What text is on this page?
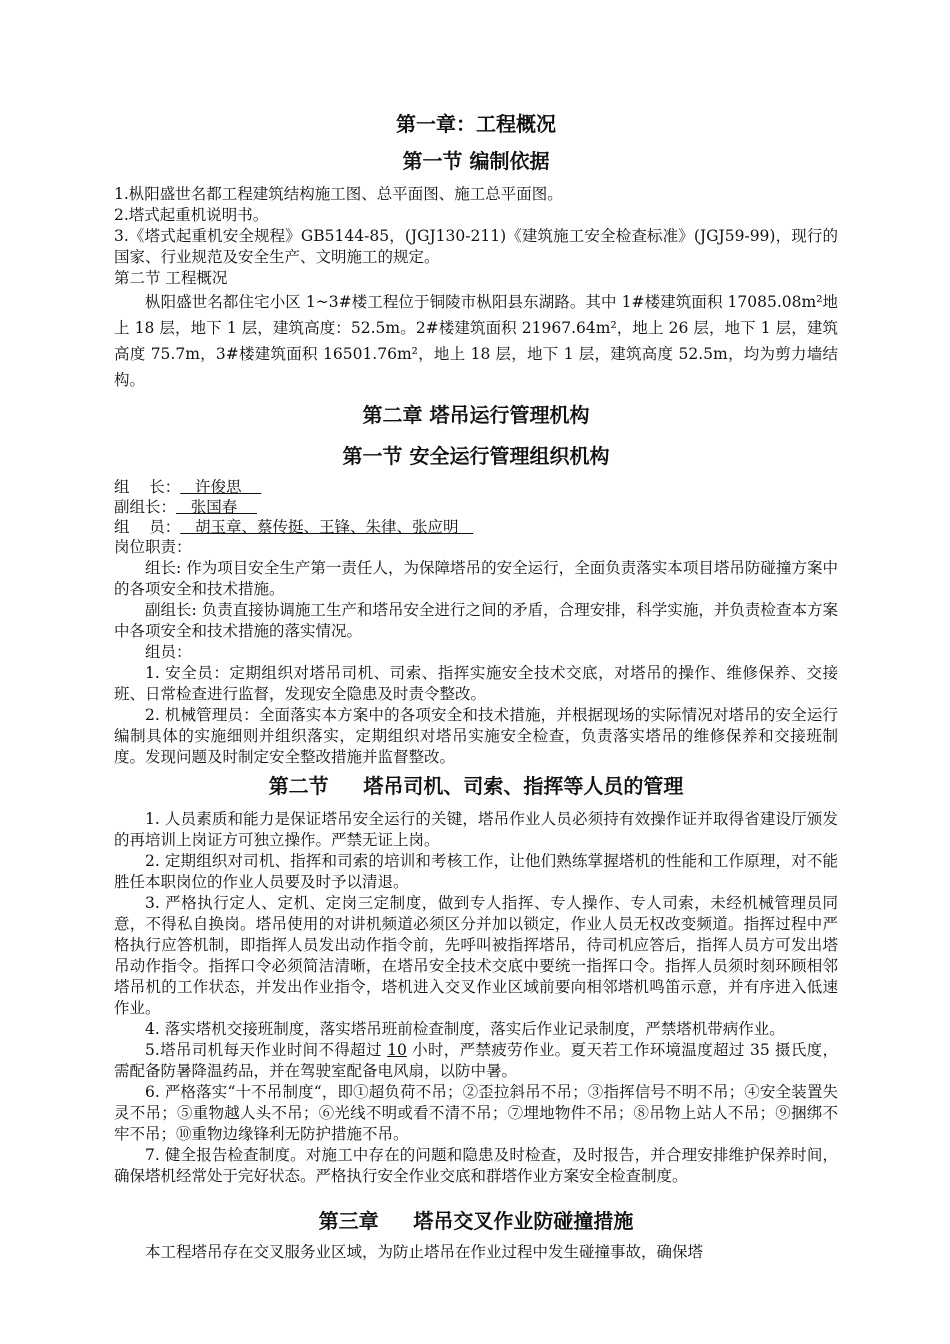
第一章：工程概况

第一节 编制依据

1.枞阳盛世名都工程建筑结构施工图、总平面图、施工总平面图。

2.塔式起重机说明书。

3.《塔式起重机安全规程》GB5144-85，(JGJ130-211)《建筑施工安全检查标准》(JGJ59-99)，现行的国家、行业规范及安全生产、文明施工的规定。

第二节 工程概况

枞阳盛世名都住宅小区 1~3#楼工程位于铜陵市枞阳县东湖路。其中 1#楼建筑面积 17085.08m²地上 18 层，地下 1 层，建筑高度：52.5m。2#楼建筑面积 21967.64m²，地上 26 层，地下 1 层，建筑高度 75.7m，3#楼建筑面积 16501.76m²，地上 18 层，地下 1 层，建筑高度 52.5m，均为剪力墙结构。

第二章 塔吊运行管理机构

第一节 安全运行管理组织机构

组    长： 许俊思
副组长： 张国春
组    员： 胡玉章、蔡传挺、王锋、朱律、张应明

岗位职责：

组长: 作为项目安全生产第一责任人，为保障塔吊的安全运行，全面负责落实本项目塔吊防碰撞方案中的各项安全和技术措施。

副组长: 负责直接协调施工生产和塔吊安全进行之间的矛盾，合理安排，科学实施，并负责检查本方案中各项安全和技术措施的落实情况。

组员：

1. 安全员：定期组织对塔吊司机、司索、指挥实施安全技术交底，对塔吊的操作、维修保养、交接班、日常检查进行监督，发现安全隐患及时责令整改。

2. 机械管理员：全面落实本方案中的各项安全和技术措施，并根据现场的实际情况对塔吊的安全运行编制具体的实施细则并组织落实，定期组织对塔吊实施安全检查，负责落实塔吊的维修保养和交接班制度。发现问题及时制定安全整改措施并监督整改。

第二节     塔吊司机、司索、指挥等人员的管理

1. 人员素质和能力是保证塔吊安全运行的关键，塔吊作业人员必须持有效操作证并取得省建设厅颁发的再培训上岗证方可独立操作。严禁无证上岗。

2. 定期组织对司机、指挥和司索的培训和考核工作，让他们熟练掌握塔机的性能和工作原理，对不能胜任本职岗位的作业人员要及时予以清退。

3. 严格执行定人、定机、定岗三定制度，做到专人指挥、专人操作、专人司索，未经机械管理员同意，不得私自换岗。塔吊使用的对讲机频道必须区分并加以锁定，作业人员无权改变频道。指挥过程中严格执行应答机制，即指挥人员发出动作指令前，先呼叫被指挥塔吊，待司机应答后，指挥人员方可发出塔吊动作指令。指挥口令必须简洁清晰，在塔吊安全技术交底中要统一指挥口令。指挥人员须时刻环顾相邻塔吊机的工作状态，并发出作业指令，塔机进入交叉作业区域前要向相邻塔机鸣笛示意，并有序进入低速作业。

4. 落实塔机交接班制度，落实塔吊班前检查制度，落实后作业记录制度，严禁塔机带病作业。

5.塔吊司机每天作业时间不得超过 10 小时，严禁疲劳作业。夏天若工作环境温度超过 35 摄氏度，需配备防暑降温药品，并在驾驶室配备电风扇，以防中暑。

6. 严格落实“十不吊制度“，即①超负荷不吊；②歪拉斜吊不吊；③指挥信号不明不吊；④安全装置失灵不吊；⑤重物越人头不吊；⑥光线不明或看不清不吊；⑦埋地物件不吊；⑧吊物上站人不吊；⑨捆绑不牢不吊；⑩重物边缘锋利无防护措施不吊。

7. 健全报告检查制度。对施工中存在的问题和隐患及时检查，及时报告，并合理安排维护保养时间，确保塔机经常处于完好状态。严格执行安全作业交底和群塔作业方案安全检查制度。

第三章     塔吊交叉作业防碰撞措施

本工程塔吊存在交叉服务业区域，为防止塔吊在作业过程中发生碰撞事故，确保塔
